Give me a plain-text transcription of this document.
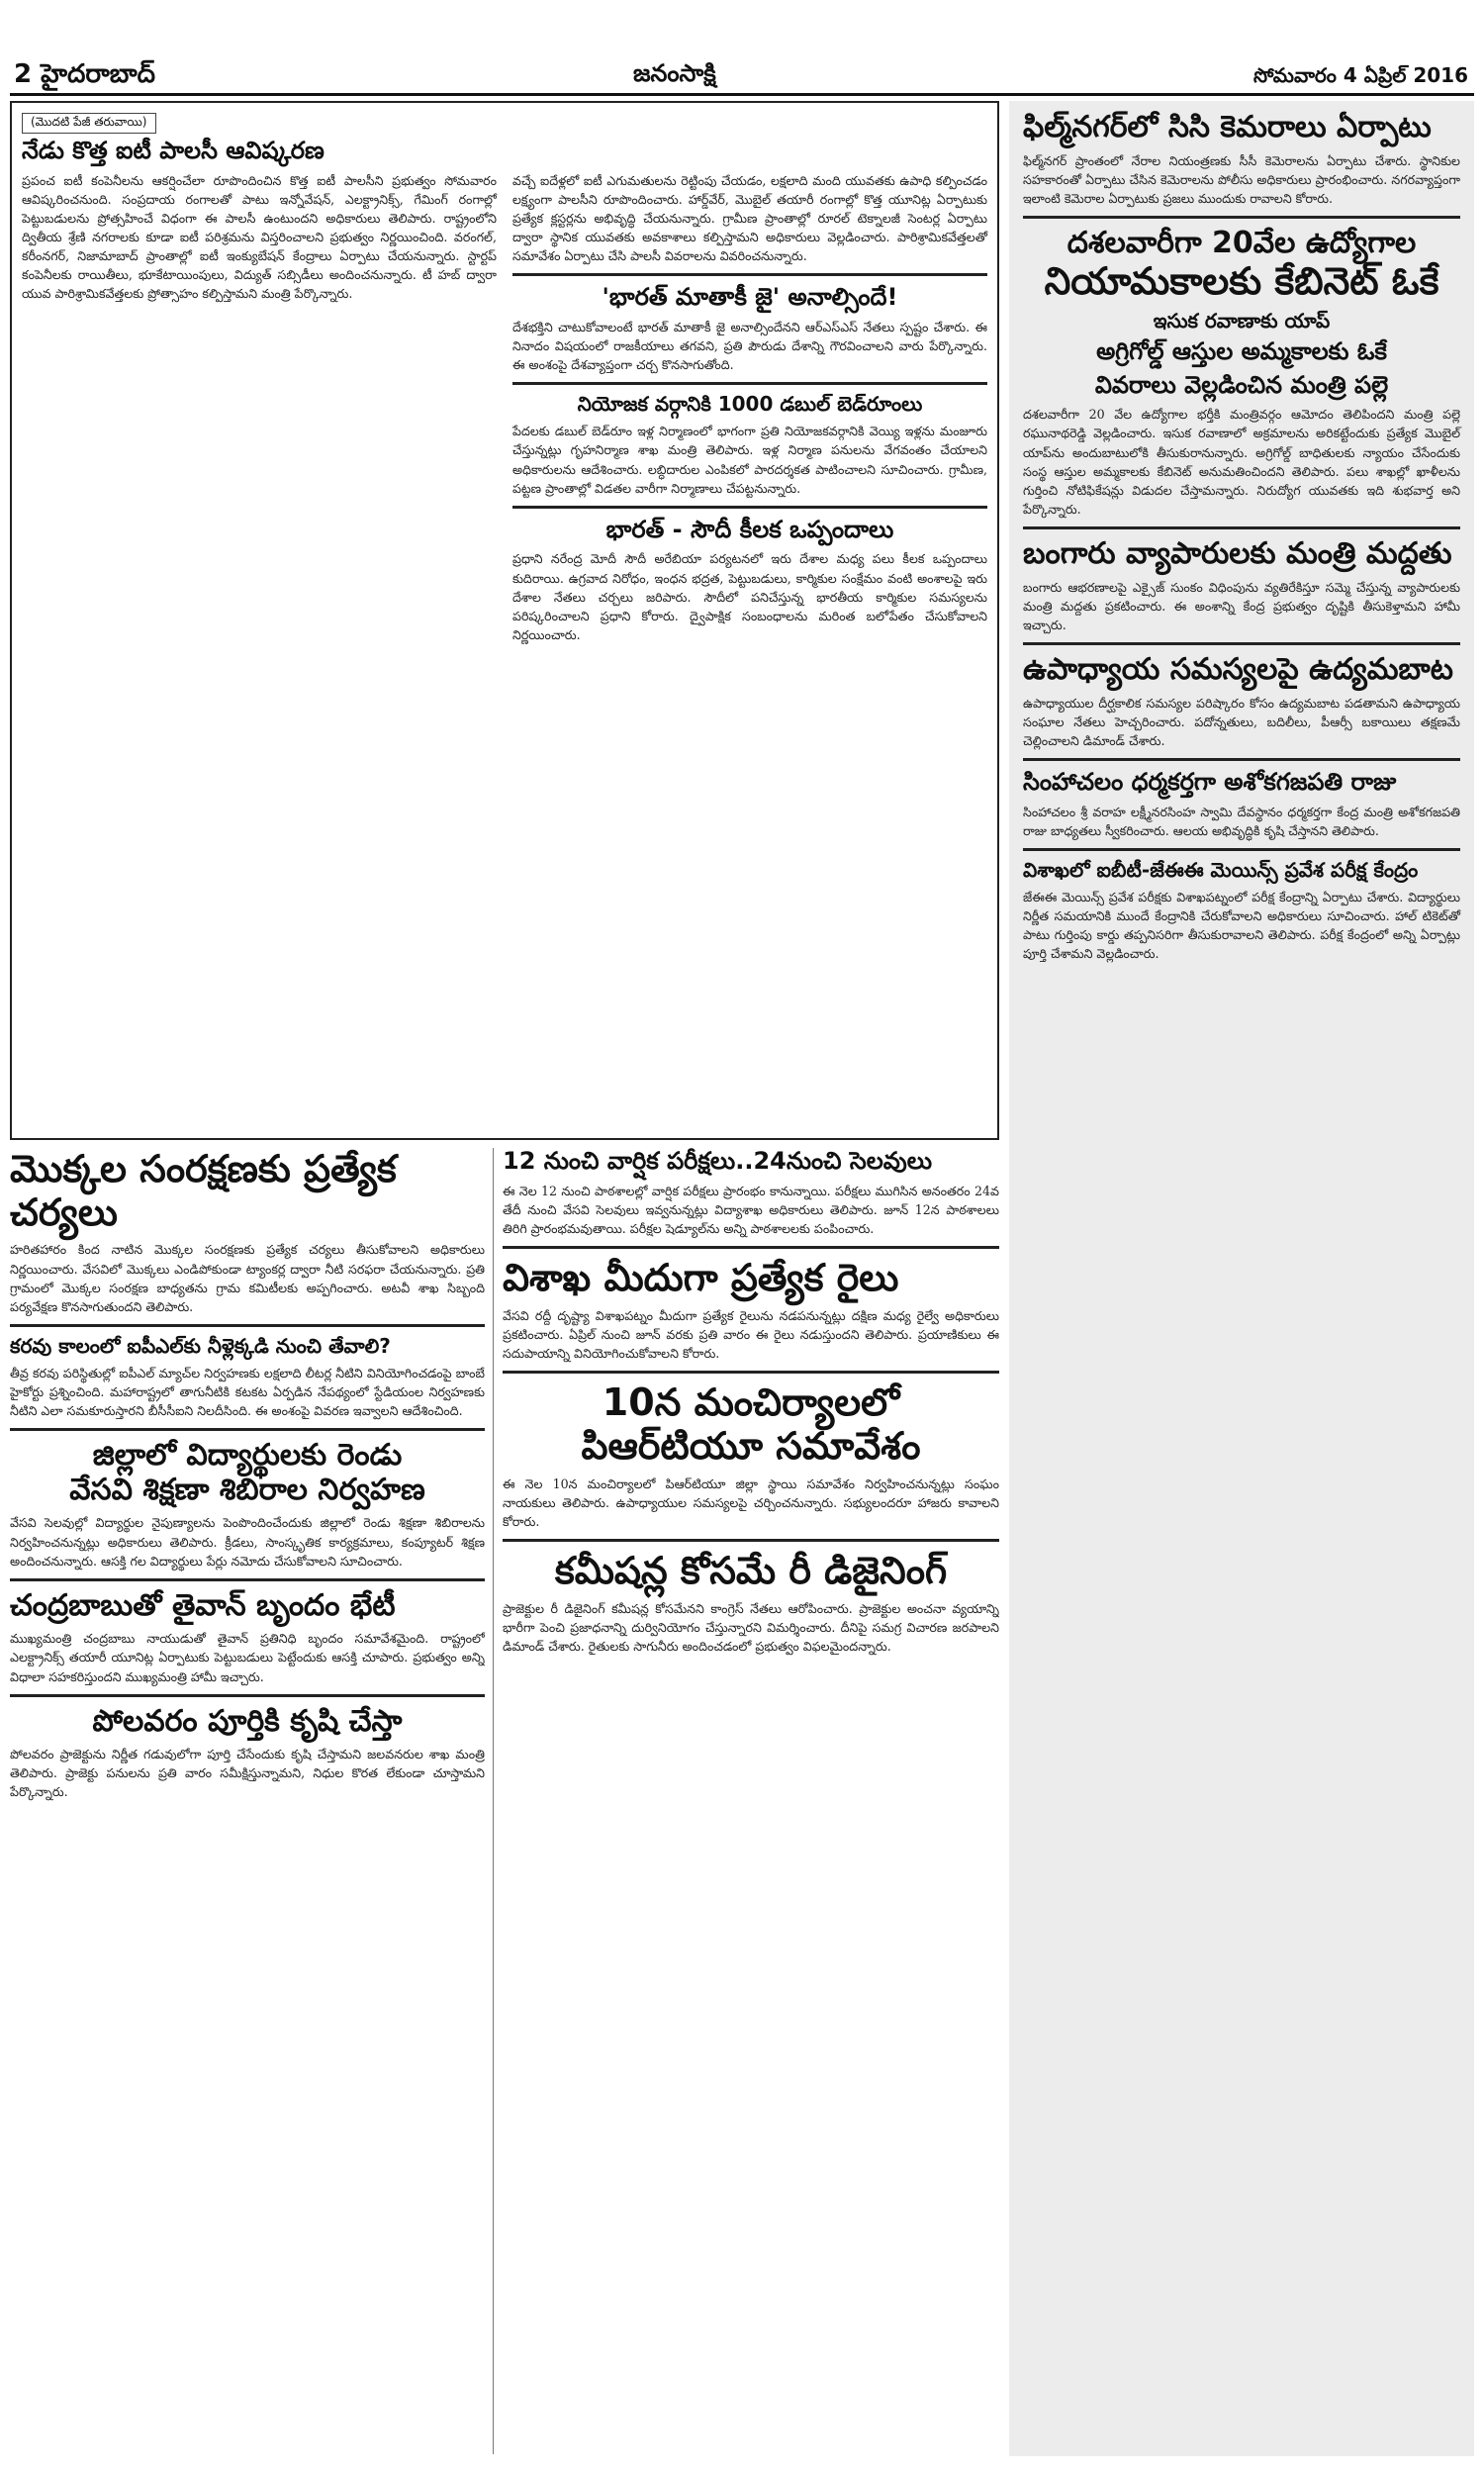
2 హైదరాబాద్	జనంసాక్షి	సోమవారం 4 ఏప్రిల్ 2016
(మొదటి పేజీ తరువాయి)
నేడు కొత్త ఐటీ పాలసీ ఆవిష్కరణ

ప్రపంచ ఐటీ కంపెనీలను ఆకర్షించేలా రూపొందించిన కొత్త ఐటీ పాలసీని ప్రభుత్వం సోమవారం ఆవిష్కరించనుంది. సంప్రదాయ రంగాలతో పాటు ఇన్నోవేషన్, ఎలక్ట్రానిక్స్, గేమింగ్ రంగాల్లో పెట్టుబడులను ప్రోత్సహించే విధంగా ఈ పాలసీ ఉంటుందని అధికారులు తెలిపారు. రాష్ట్రంలోని ద్వితీయ శ్రేణి నగరాలకు కూడా ఐటీ పరిశ్రమను విస్తరించాలని ప్రభుత్వం నిర్ణయించింది. వరంగల్, కరీంనగర్, నిజామాబాద్ ప్రాంతాల్లో ఐటీ ఇంక్యుబేషన్ కేంద్రాలు ఏర్పాటు చేయనున్నారు. స్టార్టప్ కంపెనీలకు రాయితీలు, భూకేటాయింపులు, విద్యుత్ సబ్సిడీలు అందించనున్నారు. టీ హబ్ ద్వారా యువ పారిశ్రామికవేత్తలకు ప్రోత్సాహం కల్పిస్తామని మంత్రి పేర్కొన్నారు.

వచ్చే ఐదేళ్లలో ఐటీ ఎగుమతులను రెట్టింపు చేయడం, లక్షలాది మంది యువతకు ఉపాధి కల్పించడం లక్ష్యంగా పాలసీని రూపొందించారు. హార్డ్‌వేర్, మొబైల్ తయారీ రంగాల్లో కొత్త యూనిట్ల ఏర్పాటుకు ప్రత్యేక క్లస్టర్లను అభివృద్ధి చేయనున్నారు. గ్రామీణ ప్రాంతాల్లో రూరల్ టెక్నాలజీ సెంటర్ల ఏర్పాటు ద్వారా స్థానిక యువతకు అవకాశాలు కల్పిస్తామని అధికారులు వెల్లడించారు. పారిశ్రామికవేత్తలతో సమావేశం ఏర్పాటు చేసి పాలసీ వివరాలను వివరించనున్నారు.

'భారత్ మాతాకీ జై' అనాల్సిందే!

దేశభక్తిని చాటుకోవాలంటే భారత్ మాతాకీ జై అనాల్సిందేనని ఆర్‌ఎస్‌ఎస్ నేతలు స్పష్టం చేశారు. ఈ నినాదం విషయంలో రాజకీయాలు తగవని, ప్రతి పౌరుడు దేశాన్ని గౌరవించాలని వారు పేర్కొన్నారు. ఈ అంశంపై దేశవ్యాప్తంగా చర్చ కొనసాగుతోంది.

నియోజక వర్గానికి 1000 డబుల్ బెడ్‌రూంలు

పేదలకు డబుల్ బెడ్‌రూం ఇళ్ల నిర్మాణంలో భాగంగా ప్రతి నియోజకవర్గానికి వెయ్యి ఇళ్లను మంజూరు చేస్తున్నట్లు గృహనిర్మాణ శాఖ మంత్రి తెలిపారు. ఇళ్ల నిర్మాణ పనులను వేగవంతం చేయాలని అధికారులను ఆదేశించారు. లబ్ధిదారుల ఎంపికలో పారదర్శకత పాటించాలని సూచించారు. గ్రామీణ, పట్టణ ప్రాంతాల్లో విడతల వారీగా నిర్మాణాలు చేపట్టనున్నారు.

భారత్ - సౌదీ కీలక ఒప్పందాలు

ప్రధాని నరేంద్ర మోదీ సౌదీ అరేబియా పర్యటనలో ఇరు దేశాల మధ్య పలు కీలక ఒప్పందాలు కుదిరాయి. ఉగ్రవాద నిరోధం, ఇంధన భద్రత, పెట్టుబడులు, కార్మికుల సంక్షేమం వంటి అంశాలపై ఇరు దేశాల నేతలు చర్చలు జరిపారు. సౌదీలో పనిచేస్తున్న భారతీయ కార్మికుల సమస్యలను పరిష్కరించాలని ప్రధాని కోరారు. ద్వైపాక్షిక సంబంధాలను మరింత బలోపేతం చేసుకోవాలని నిర్ణయించారు.

ఫిల్మ్‌నగర్‌లో సిసి కెమరాలు ఏర్పాటు

ఫిల్మ్‌నగర్ ప్రాంతంలో నేరాల నియంత్రణకు సీసీ కెమెరాలను ఏర్పాటు చేశారు. స్థానికుల సహకారంతో ఏర్పాటు చేసిన కెమెరాలను పోలీసు అధికారులు ప్రారంభించారు. నగరవ్యాప్తంగా ఇలాంటి కెమెరాల ఏర్పాటుకు ప్రజలు ముందుకు రావాలని కోరారు.

దశలవారీగా 20వేల ఉద్యోగాల
నియామకాలకు కేబినెట్ ఓకే
ఇసుక రవాణాకు యాప్
అగ్రిగోల్డ్ ఆస్తుల అమ్మకాలకు ఓకే
వివరాలు వెల్లడించిన మంత్రి పల్లె

దశలవారీగా 20 వేల ఉద్యోగాల భర్తీకి మంత్రివర్గం ఆమోదం తెలిపిందని మంత్రి పల్లె రఘునాథరెడ్డి వెల్లడించారు. ఇసుక రవాణాలో అక్రమాలను అరికట్టేందుకు ప్రత్యేక మొబైల్ యాప్‌ను అందుబాటులోకి తీసుకురానున్నారు. అగ్రిగోల్డ్ బాధితులకు న్యాయం చేసేందుకు సంస్థ ఆస్తుల అమ్మకాలకు కేబినెట్ అనుమతించిందని తెలిపారు. పలు శాఖల్లో ఖాళీలను గుర్తించి నోటిఫికేషన్లు విడుదల చేస్తామన్నారు. నిరుద్యోగ యువతకు ఇది శుభవార్త అని పేర్కొన్నారు.

బంగారు వ్యాపారులకు మంత్రి మద్దతు

బంగారు ఆభరణాలపై ఎక్సైజ్ సుంకం విధింపును వ్యతిరేకిస్తూ సమ్మె చేస్తున్న వ్యాపారులకు మంత్రి మద్దతు ప్రకటించారు. ఈ అంశాన్ని కేంద్ర ప్రభుత్వం దృష్టికి తీసుకెళ్తామని హామీ ఇచ్చారు.

ఉపాధ్యాయ సమస్యలపై ఉద్యమబాట

ఉపాధ్యాయుల దీర్ఘకాలిక సమస్యల పరిష్కారం కోసం ఉద్యమబాట పడతామని ఉపాధ్యాయ సంఘాల నేతలు హెచ్చరించారు. పదోన్నతులు, బదిలీలు, పీఆర్సీ బకాయిలు తక్షణమే చెల్లించాలని డిమాండ్ చేశారు.

సింహాచలం ధర్మకర్తగా అశోకగజపతి రాజు

సింహాచలం శ్రీ వరాహ లక్ష్మీనరసింహ స్వామి దేవస్థానం ధర్మకర్తగా కేంద్ర మంత్రి అశోకగజపతి రాజు బాధ్యతలు స్వీకరించారు. ఆలయ అభివృద్ధికి కృషి చేస్తానని తెలిపారు.

విశాఖలో ఐబీటీ-జేఈఈ మెయిన్స్ ప్రవేశ పరీక్ష కేంద్రం

జేఈఈ మెయిన్స్ ప్రవేశ పరీక్షకు విశాఖపట్నంలో పరీక్ష కేంద్రాన్ని ఏర్పాటు చేశారు. విద్యార్థులు నిర్ణీత సమయానికి ముందే కేంద్రానికి చేరుకోవాలని అధికారులు సూచించారు. హాల్ టికెట్‌తో పాటు గుర్తింపు కార్డు తప్పనిసరిగా తీసుకురావాలని తెలిపారు. పరీక్ష కేంద్రంలో అన్ని ఏర్పాట్లు పూర్తి చేశామని వెల్లడించారు.

మొక్కల సంరక్షణకు ప్రత్యేక చర్యలు

హరితహారం కింద నాటిన మొక్కల సంరక్షణకు ప్రత్యేక చర్యలు తీసుకోవాలని అధికారులు నిర్ణయించారు. వేసవిలో మొక్కలు ఎండిపోకుండా ట్యాంకర్ల ద్వారా నీటి సరఫరా చేయనున్నారు. ప్రతి గ్రామంలో మొక్కల సంరక్షణ బాధ్యతను గ్రామ కమిటీలకు అప్పగించారు. అటవీ శాఖ సిబ్బంది పర్యవేక్షణ కొనసాగుతుందని తెలిపారు.

కరవు కాలంలో ఐపీఎల్‌కు నీళ్లెక్కడి నుంచి తేవాలి?

తీవ్ర కరవు పరిస్థితుల్లో ఐపీఎల్ మ్యాచ్‌ల నిర్వహణకు లక్షలాది లీటర్ల నీటిని వినియోగించడంపై బాంబే హైకోర్టు ప్రశ్నించింది. మహారాష్ట్రలో తాగునీటికి కటకట ఏర్పడిన నేపథ్యంలో స్టేడియంల నిర్వహణకు నీటిని ఎలా సమకూరుస్తారని బీసీసీఐని నిలదీసింది. ఈ అంశంపై వివరణ ఇవ్వాలని ఆదేశించింది.

జిల్లాలో విద్యార్థులకు రెండు
వేసవి శిక్షణా శిబిరాల నిర్వహణ

వేసవి సెలవుల్లో విద్యార్థుల నైపుణ్యాలను పెంపొందించేందుకు జిల్లాలో రెండు శిక్షణా శిబిరాలను నిర్వహించనున్నట్లు అధికారులు తెలిపారు. క్రీడలు, సాంస్కృతిక కార్యక్రమాలు, కంప్యూటర్ శిక్షణ అందించనున్నారు. ఆసక్తి గల విద్యార్థులు పేర్లు నమోదు చేసుకోవాలని సూచించారు.

చంద్రబాబుతో తైవాన్ బృందం భేటీ

ముఖ్యమంత్రి చంద్రబాబు నాయుడుతో తైవాన్ ప్రతినిధి బృందం సమావేశమైంది. రాష్ట్రంలో ఎలక్ట్రానిక్స్ తయారీ యూనిట్ల ఏర్పాటుకు పెట్టుబడులు పెట్టేందుకు ఆసక్తి చూపారు. ప్రభుత్వం అన్ని విధాలా సహకరిస్తుందని ముఖ్యమంత్రి హామీ ఇచ్చారు.

పోలవరం పూర్తికి కృషి చేస్తా

పోలవరం ప్రాజెక్టును నిర్ణీత గడువులోగా పూర్తి చేసేందుకు కృషి చేస్తామని జలవనరుల శాఖ మంత్రి తెలిపారు. ప్రాజెక్టు పనులను ప్రతి వారం సమీక్షిస్తున్నామని, నిధుల కొరత లేకుండా చూస్తామని పేర్కొన్నారు.

12 నుంచి వార్షిక పరీక్షలు..24నుంచి సెలవులు

ఈ నెల 12 నుంచి పాఠశాలల్లో వార్షిక పరీక్షలు ప్రారంభం కానున్నాయి. పరీక్షలు ముగిసిన అనంతరం 24వ తేదీ నుంచి వేసవి సెలవులు ఇవ్వనున్నట్లు విద్యాశాఖ అధికారులు తెలిపారు. జూన్ 12న పాఠశాలలు తిరిగి ప్రారంభమవుతాయి. పరీక్షల షెడ్యూల్‌ను అన్ని పాఠశాలలకు పంపించారు.

విశాఖ మీదుగా ప్రత్యేక రైలు

వేసవి రద్దీ దృష్ట్యా విశాఖపట్నం మీదుగా ప్రత్యేక రైలును నడపనున్నట్లు దక్షిణ మధ్య రైల్వే అధికారులు ప్రకటించారు. ఏప్రిల్ నుంచి జూన్ వరకు ప్రతి వారం ఈ రైలు నడుస్తుందని తెలిపారు. ప్రయాణికులు ఈ సదుపాయాన్ని వినియోగించుకోవాలని కోరారు.

10న మంచిర్యాలలో
పిఆర్‌టియూ సమావేశం

ఈ నెల 10న మంచిర్యాలలో పిఆర్‌టియూ జిల్లా స్థాయి సమావేశం నిర్వహించనున్నట్లు సంఘం నాయకులు తెలిపారు. ఉపాధ్యాయుల సమస్యలపై చర్చించనున్నారు. సభ్యులందరూ హాజరు కావాలని కోరారు.

కమీషన్ల కోసమే రీ డిజైనింగ్

ప్రాజెక్టుల రీ డిజైనింగ్ కమీషన్ల కోసమేనని కాంగ్రెస్ నేతలు ఆరోపించారు. ప్రాజెక్టుల అంచనా వ్యయాన్ని భారీగా పెంచి ప్రజాధనాన్ని దుర్వినియోగం చేస్తున్నారని విమర్శించారు. దీనిపై సమగ్ర విచారణ జరపాలని డిమాండ్ చేశారు. రైతులకు సాగునీరు అందించడంలో ప్రభుత్వం విఫలమైందన్నారు.
